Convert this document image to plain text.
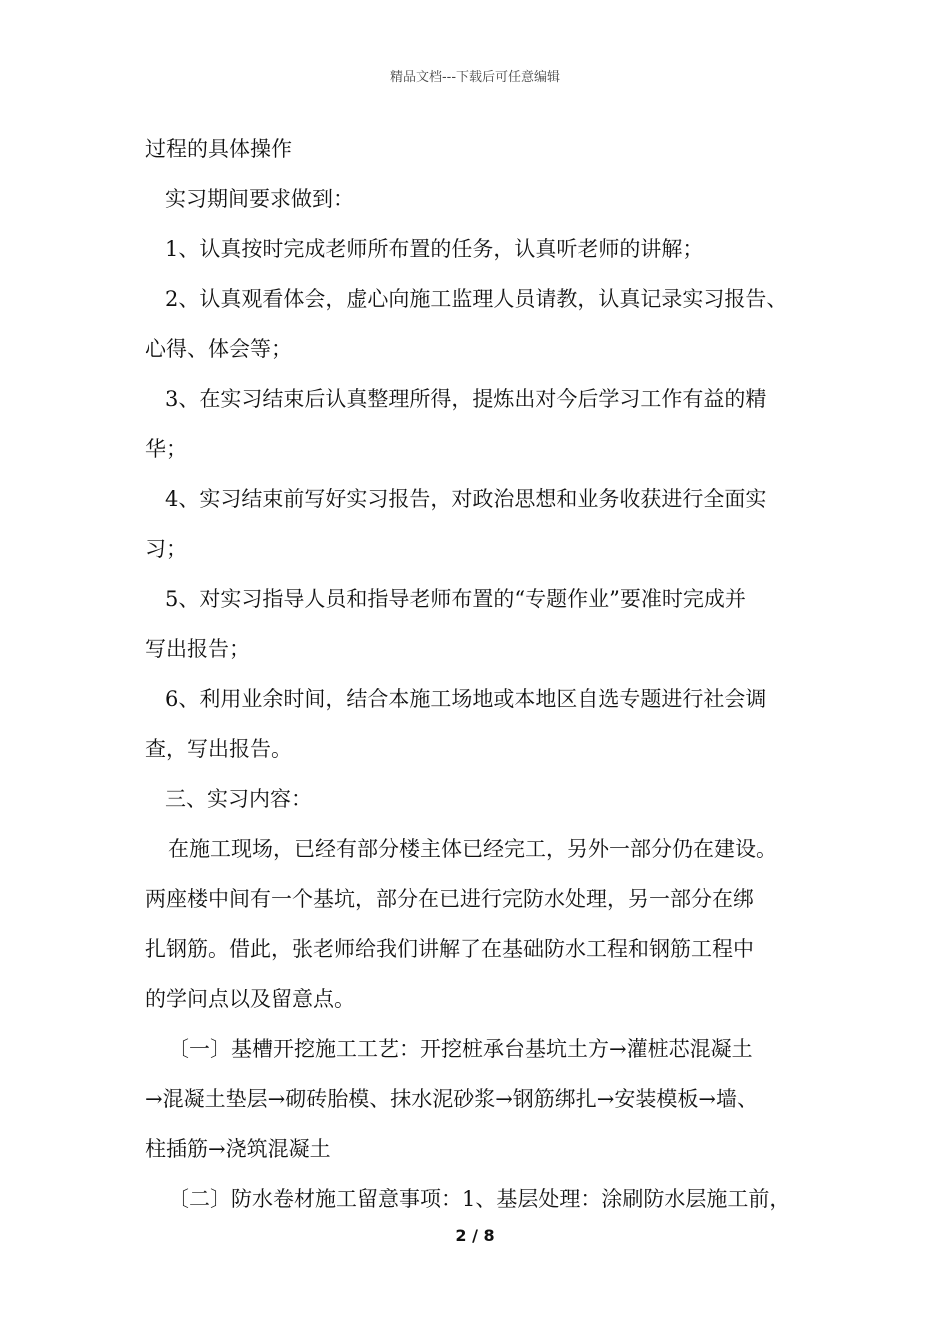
精品文档---下载后可任意编辑
过程的具体操作
实习期间要求做到：
1、认真按时完成老师所布置的任务，认真听老师的讲解；
2、认真观看体会，虚心向施工监理人员请教，认真记录实习报告、
心得、体会等；
3、在实习结束后认真整理所得，提炼出对今后学习工作有益的精
华；
4、实习结束前写好实习报告，对政治思想和业务收获进行全面实
习；
5、对实习指导人员和指导老师布置的“专题作业”要准时完成并
写出报告；
6、利用业余时间，结合本施工场地或本地区自选专题进行社会调
查，写出报告。
三、实习内容：
在施工现场，已经有部分楼主体已经完工，另外一部分仍在建设。
两座楼中间有一个基坑，部分在已进行完防水处理，另一部分在绑
扎钢筋。借此，张老师给我们讲解了在基础防水工程和钢筋工程中
的学问点以及留意点。
〔一〕基槽开挖施工工艺：开挖桩承台基坑土方→灌桩芯混凝土
→混凝土垫层→砌砖胎模、抹水泥砂浆→钢筋绑扎→安装模板→墙、
柱插筋→浇筑混凝土
〔二〕防水卷材施工留意事项：1、基层处理：涂刷防水层施工前，
2 / 8
